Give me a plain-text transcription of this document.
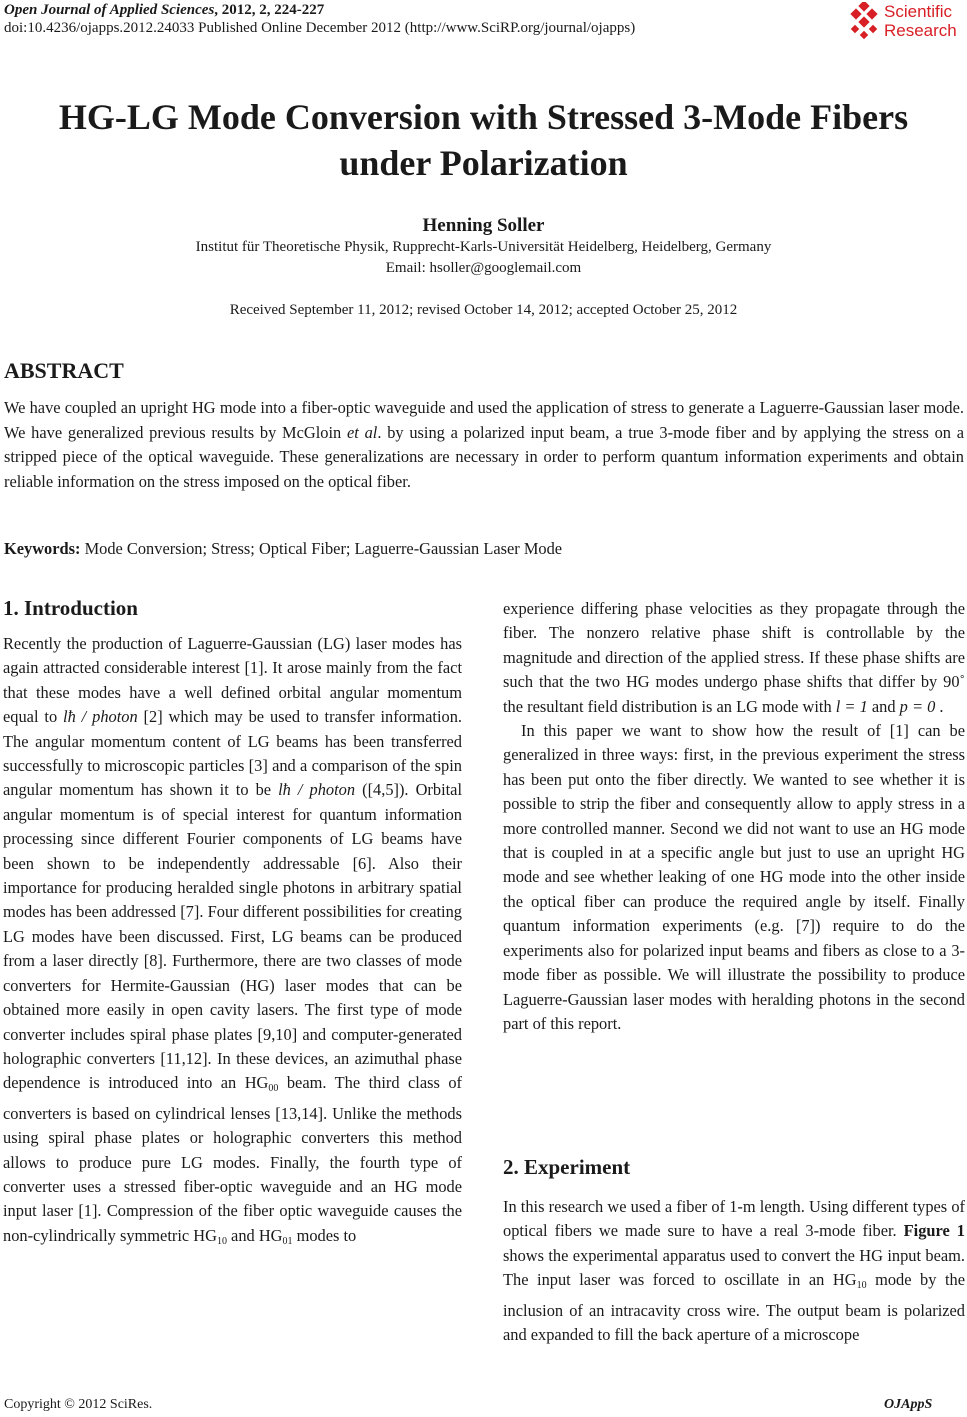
Open Journal of Applied Sciences, 2012, 2, 224-227
doi:10.4236/ojapps.2012.24033 Published Online December 2012 (http://www.SciRP.org/journal/ojapps)
Scientific
Research
HG-LG Mode Conversion with Stressed 3-Mode Fibers
under Polarization
Henning Soller
Institut für Theoretische Physik, Rupprecht-Karls-Universität Heidelberg, Heidelberg, Germany
Email: hsoller@googlemail.com
Received September 11, 2012; revised October 14, 2012; accepted October 25, 2012
ABSTRACT
We have coupled an upright HG mode into a fiber-optic waveguide and used the application of stress to generate a Laguerre-Gaussian laser mode. We have generalized previous results by McGloin et al. by using a polarized input beam, a true 3-mode fiber and by applying the stress on a stripped piece of the optical waveguide. These generalizations are necessary in order to perform quantum information experiments and obtain reliable information on the stress imposed on the optical fiber.
Keywords: Mode Conversion; Stress; Optical Fiber; Laguerre-Gaussian Laser Mode
1. Introduction
Recently the production of Laguerre-Gaussian (LG) laser modes has again attracted considerable interest [1]. It arose mainly from the fact that these modes have a well defined orbital angular momentum equal to lħ / photon [2] which may be used to transfer information. The angular momentum content of LG beams has been transferred successfully to microscopic particles [3] and a comparison of the spin angular momentum has shown it to be lħ / photon ([4,5]). Orbital angular momentum is of special interest for quantum information processing since different Fourier components of LG beams have been shown to be independently addressable [6]. Also their importance for producing heralded single photons in arbitrary spatial modes has been addressed [7]. Four different possibilities for creating LG modes have been discussed. First, LG beams can be produced from a laser directly [8]. Furthermore, there are two classes of mode converters for Hermite-Gaussian (HG) laser modes that can be obtained more easily in open cavity lasers. The first type of mode converter includes spiral phase plates [9,10] and computer-generated holographic converters [11,12]. In these devices, an azimuthal phase dependence is introduced into an $HG_{00}$ beam. The third class of converters is based on cylindrical lenses [13,14]. Unlike the methods using spiral phase plates or holographic converters this method allows to produce pure LG modes. Finally, the fourth type of converter uses a stressed fiber-optic waveguide and an HG mode input laser [1]. Compression of the fiber optic waveguide causes the non-cylindrically symmetric $HG_{10}$ and $HG_{01}$ modes to

experience differing phase velocities as they propagate through the fiber. The nonzero relative phase shift is controllable by the magnitude and direction of the applied stress. If these phase shifts are such that the two HG modes undergo phase shifts that differ by 90˚ the resultant field distribution is an LG mode with l = 1 and p = 0 .

In this paper we want to show how the result of [1] can be generalized in three ways: first, in the previous experiment the stress has been put onto the fiber directly. We wanted to see whether it is possible to strip the fiber and consequently allow to apply stress in a more controlled manner. Second we did not want to use an HG mode that is coupled in at a specific angle but just to use an upright HG mode and see whether leaking of one HG mode into the other inside the optical fiber can produce the required angle by itself. Finally quantum information experiments (e.g. [7]) require to do the experiments also for polarized input beams and fibers as close to a 3-mode fiber as possible. We will illustrate the possibility to produce Laguerre-Gaussian laser modes with heralding photons in the second part of this report.

2. Experiment
In this research we used a fiber of 1-m length. Using different types of optical fibers we made sure to have a real 3-mode fiber. Figure 1 shows the experimental apparatus used to convert the HG input beam. The input laser was forced to oscillate in an $HG_{10}$ mode by the inclusion of an intracavity cross wire. The output beam is polarized and expanded to fill the back aperture of a microscope
Copyright © 2012 SciRes.	OJAppS
